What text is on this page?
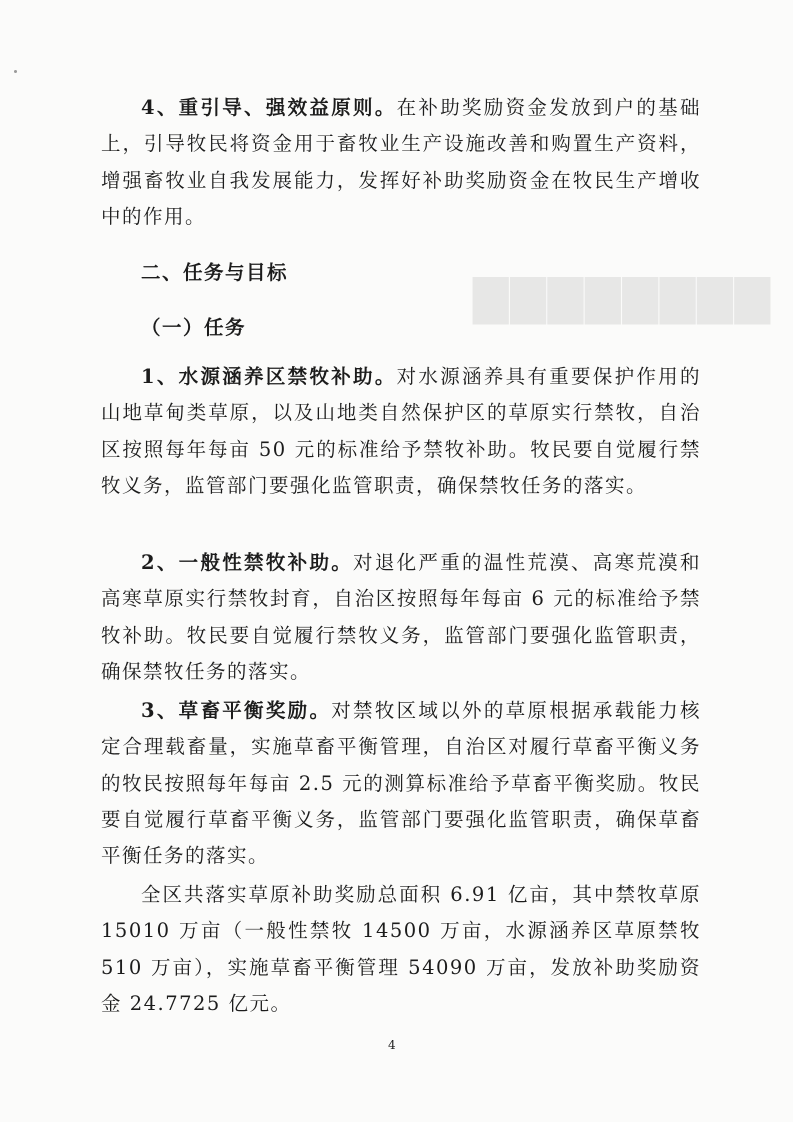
▇▇▇▇▇▇▇▇

4、重引导、强效益原则。在补助奖励资金发放到户的基础上，引导牧民将资金用于畜牧业生产设施改善和购置生产资料，增强畜牧业自我发展能力，发挥好补助奖励资金在牧民生产增收中的作用。

二、任务与目标

（一）任务

1、水源涵养区禁牧补助。对水源涵养具有重要保护作用的山地草甸类草原，以及山地类自然保护区的草原实行禁牧，自治区按照每年每亩 50 元的标准给予禁牧补助。牧民要自觉履行禁牧义务，监管部门要强化监管职责，确保禁牧任务的落实。

2、一般性禁牧补助。对退化严重的温性荒漠、高寒荒漠和高寒草原实行禁牧封育，自治区按照每年每亩 6 元的标准给予禁牧补助。牧民要自觉履行禁牧义务，监管部门要强化监管职责，确保禁牧任务的落实。

3、草畜平衡奖励。对禁牧区域以外的草原根据承载能力核定合理载畜量，实施草畜平衡管理，自治区对履行草畜平衡义务的牧民按照每年每亩 2.5 元的测算标准给予草畜平衡奖励。牧民要自觉履行草畜平衡义务，监管部门要强化监管职责，确保草畜平衡任务的落实。

全区共落实草原补助奖励总面积 6.91 亿亩，其中禁牧草原 15010 万亩（一般性禁牧 14500 万亩，水源涵养区草原禁牧 510 万亩），实施草畜平衡管理 54090 万亩，发放补助奖励资金 24.7725 亿元。

4
